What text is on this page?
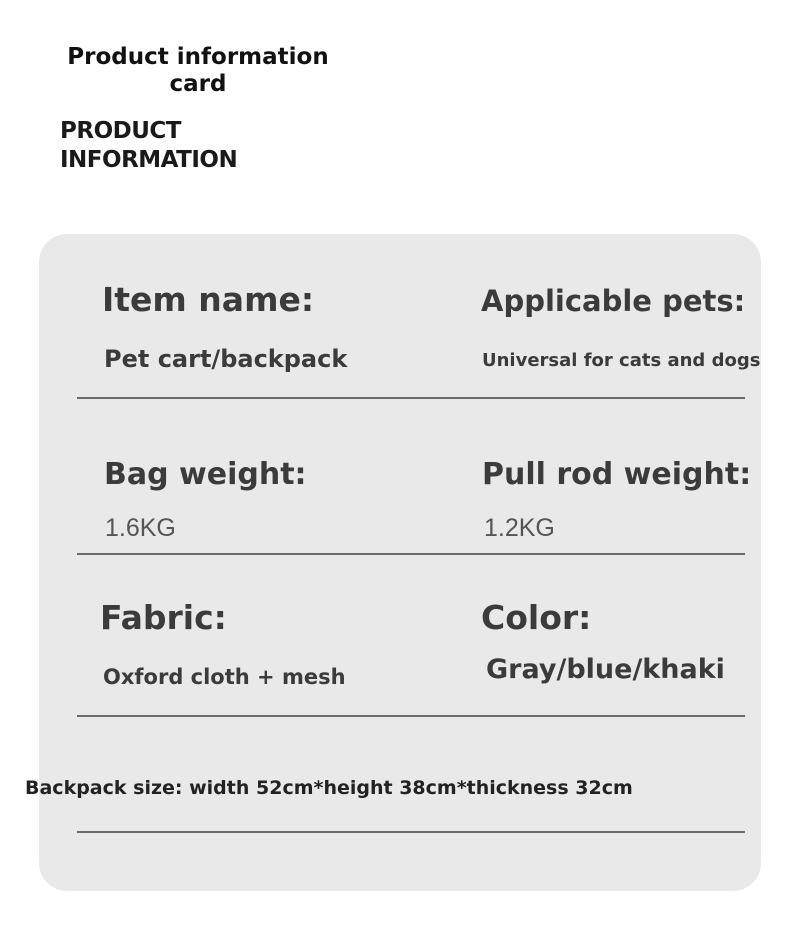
Product information card
PRODUCT
INFORMATION
Item name:	Applicable pets:
Pet cart/backpack	Universal for cats and dogs
Bag weight:	Pull rod weight:
1.6KG	1.2KG
Fabric:	Color:
Oxford cloth + mesh	Gray/blue/khaki
Backpack size: width 52cm*height 38cm*thickness 32cm
